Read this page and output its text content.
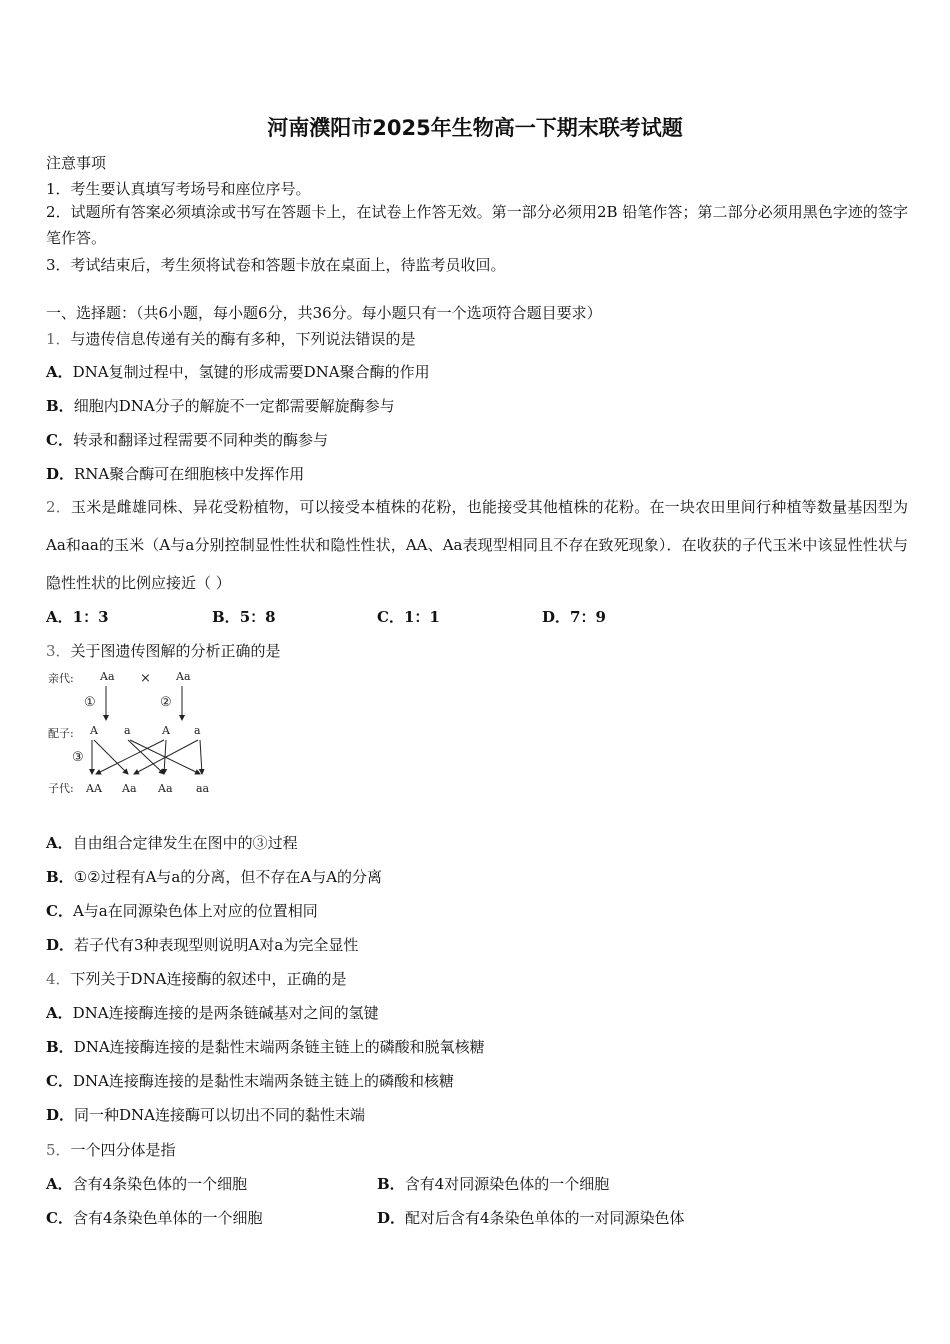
河南濮阳市2025年生物高一下期末联考试题
注意事项
1．考生要认真填写考场号和座位序号。
2．试题所有答案必须填涂或书写在答题卡上，在试卷上作答无效。第一部分必须用2B 铅笔作答；第二部分必须用黑色字迹的签字笔作答。
3．考试结束后，考生须将试卷和答题卡放在桌面上，待监考员收回。
一、选择题：（共6小题，每小题6分，共36分。每小题只有一个选项符合题目要求）
1．与遗传信息传递有关的酶有多种，下列说法错误的是
A．DNA复制过程中，氢键的形成需要DNA聚合酶的作用
B．细胞内DNA分子的解旋不一定都需要解旋酶参与
C．转录和翻译过程需要不同种类的酶参与
D．RNA聚合酶可在细胞核中发挥作用
2．玉米是雌雄同株、异花受粉植物，可以接受本植株的花粉，也能接受其他植株的花粉。在一块农田里间行种植等数量基因型为Aa和aa的玉米（A与a分别控制显性性状和隐性性状，AA、Aa表现型相同且不存在致死现象）．在收获的子代玉米中该显性性状与隐性性状的比例应接近（ ）
A．1：3	B．5：8	C．1：1	D．7：9
3．关于图遗传图解的分析正确的是
亲代:
配子:
子代:
Aa × Aa
①	②
③
A a	A a
AA Aa Aa aa
A．自由组合定律发生在图中的③过程
B．①②过程有A与a的分离，但不存在A与A的分离
C．A与a在同源染色体上对应的位置相同
D．若子代有3种表现型则说明A对a为完全显性
4．下列关于DNA连接酶的叙述中，正确的是
A．DNA连接酶连接的是两条链碱基对之间的氢键
B．DNA连接酶连接的是黏性末端两条链主链上的磷酸和脱氧核糖
C．DNA连接酶连接的是黏性末端两条链主链上的磷酸和核糖
D．同一种DNA连接酶可以切出不同的黏性末端
5．一个四分体是指
A．含有4条染色体的一个细胞	B．含有4对同源染色体的一个细胞
C．含有4条染色单体的一个细胞	D．配对后含有4条染色单体的一对同源染色体
